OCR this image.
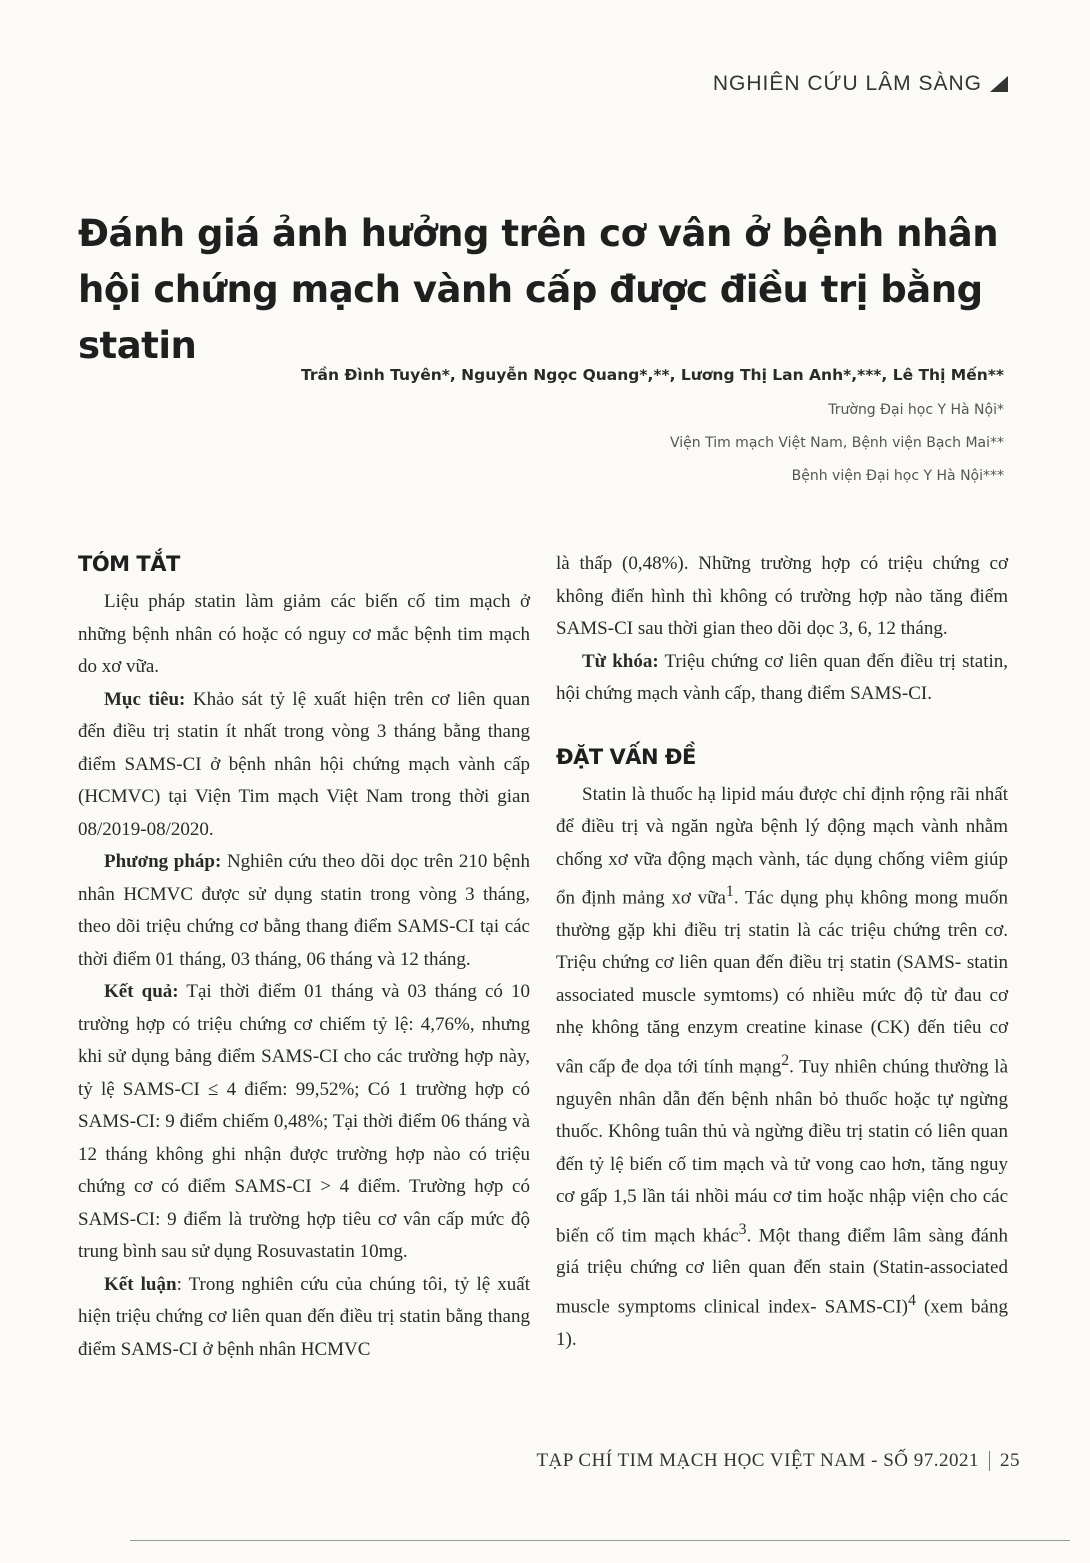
NGHIÊN CỨU LÂM SÀNG
Đánh giá ảnh hưởng trên cơ vân ở bệnh nhân hội chứng mạch vành cấp được điều trị bằng statin
Trần Đình Tuyên*, Nguyễn Ngọc Quang*,**, Lương Thị Lan Anh*,***, Lê Thị Mến**
Trường Đại học Y Hà Nội*
Viện Tim mạch Việt Nam, Bệnh viện Bạch Mai**
Bệnh viện Đại học Y Hà Nội***
TÓM TẮT

Liệu pháp statin làm giảm các biến cố tim mạch ở những bệnh nhân có hoặc có nguy cơ mắc bệnh tim mạch do xơ vữa.

Mục tiêu: Khảo sát tỷ lệ xuất hiện trên cơ liên quan đến điều trị statin ít nhất trong vòng 3 tháng bằng thang điểm SAMS-CI ở bệnh nhân hội chứng mạch vành cấp (HCMVC) tại Viện Tim mạch Việt Nam trong thời gian 08/2019-08/2020.

Phương pháp: Nghiên cứu theo dõi dọc trên 210 bệnh nhân HCMVC được sử dụng statin trong vòng 3 tháng, theo dõi triệu chứng cơ bằng thang điểm SAMS-CI tại các thời điểm 01 tháng, 03 tháng, 06 tháng và 12 tháng.

Kết quả: Tại thời điểm 01 tháng và 03 tháng có 10 trường hợp có triệu chứng cơ chiếm tỷ lệ: 4,76%, nhưng khi sử dụng bảng điểm SAMS-CI cho các trường hợp này, tỷ lệ SAMS-CI ≤ 4 điểm: 99,52%; Có 1 trường hợp có SAMS-CI: 9 điểm chiếm 0,48%; Tại thời điểm 06 tháng và 12 tháng không ghi nhận được trường hợp nào có triệu chứng cơ có điểm SAMS-CI > 4 điểm. Trường hợp có SAMS-CI: 9 điểm là trường hợp tiêu cơ vân cấp mức độ trung bình sau sử dụng Rosuvastatin 10mg.

Kết luận: Trong nghiên cứu của chúng tôi, tỷ lệ xuất hiện triệu chứng cơ liên quan đến điều trị statin bằng thang điểm SAMS-CI ở bệnh nhân HCMVC

là thấp (0,48%). Những trường hợp có triệu chứng cơ không điển hình thì không có trường hợp nào tăng điểm SAMS-CI sau thời gian theo dõi dọc 3, 6, 12 tháng.

Từ khóa: Triệu chứng cơ liên quan đến điều trị statin, hội chứng mạch vành cấp, thang điểm SAMS-CI.

ĐẶT VẤN ĐỀ

Statin là thuốc hạ lipid máu được chỉ định rộng rãi nhất để điều trị và ngăn ngừa bệnh lý động mạch vành nhằm chống xơ vữa động mạch vành, tác dụng chống viêm giúp ổn định mảng xơ vữa$^1$. Tác dụng phụ không mong muốn thường gặp khi điều trị statin là các triệu chứng trên cơ. Triệu chứng cơ liên quan đến điều trị statin (SAMS- statin associated muscle symtoms) có nhiều mức độ từ đau cơ nhẹ không tăng enzym creatine kinase (CK) đến tiêu cơ vân cấp đe dọa tới tính mạng$^2$. Tuy nhiên chúng thường là nguyên nhân dẫn đến bệnh nhân bỏ thuốc hoặc tự ngừng thuốc. Không tuân thủ và ngừng điều trị statin có liên quan đến tỷ lệ biến cố tim mạch và tử vong cao hơn, tăng nguy cơ gấp 1,5 lần tái nhồi máu cơ tim hoặc nhập viện cho các biến cố tim mạch khác$^3$. Một thang điểm lâm sàng đánh giá triệu chứng cơ liên quan đến stain (Statin-associated muscle symptoms clinical index- SAMS-CI)$^4$ (xem bảng 1).

TẠP CHÍ TIM MẠCH HỌC VIỆT NAM - SỐ 97.2021 25
